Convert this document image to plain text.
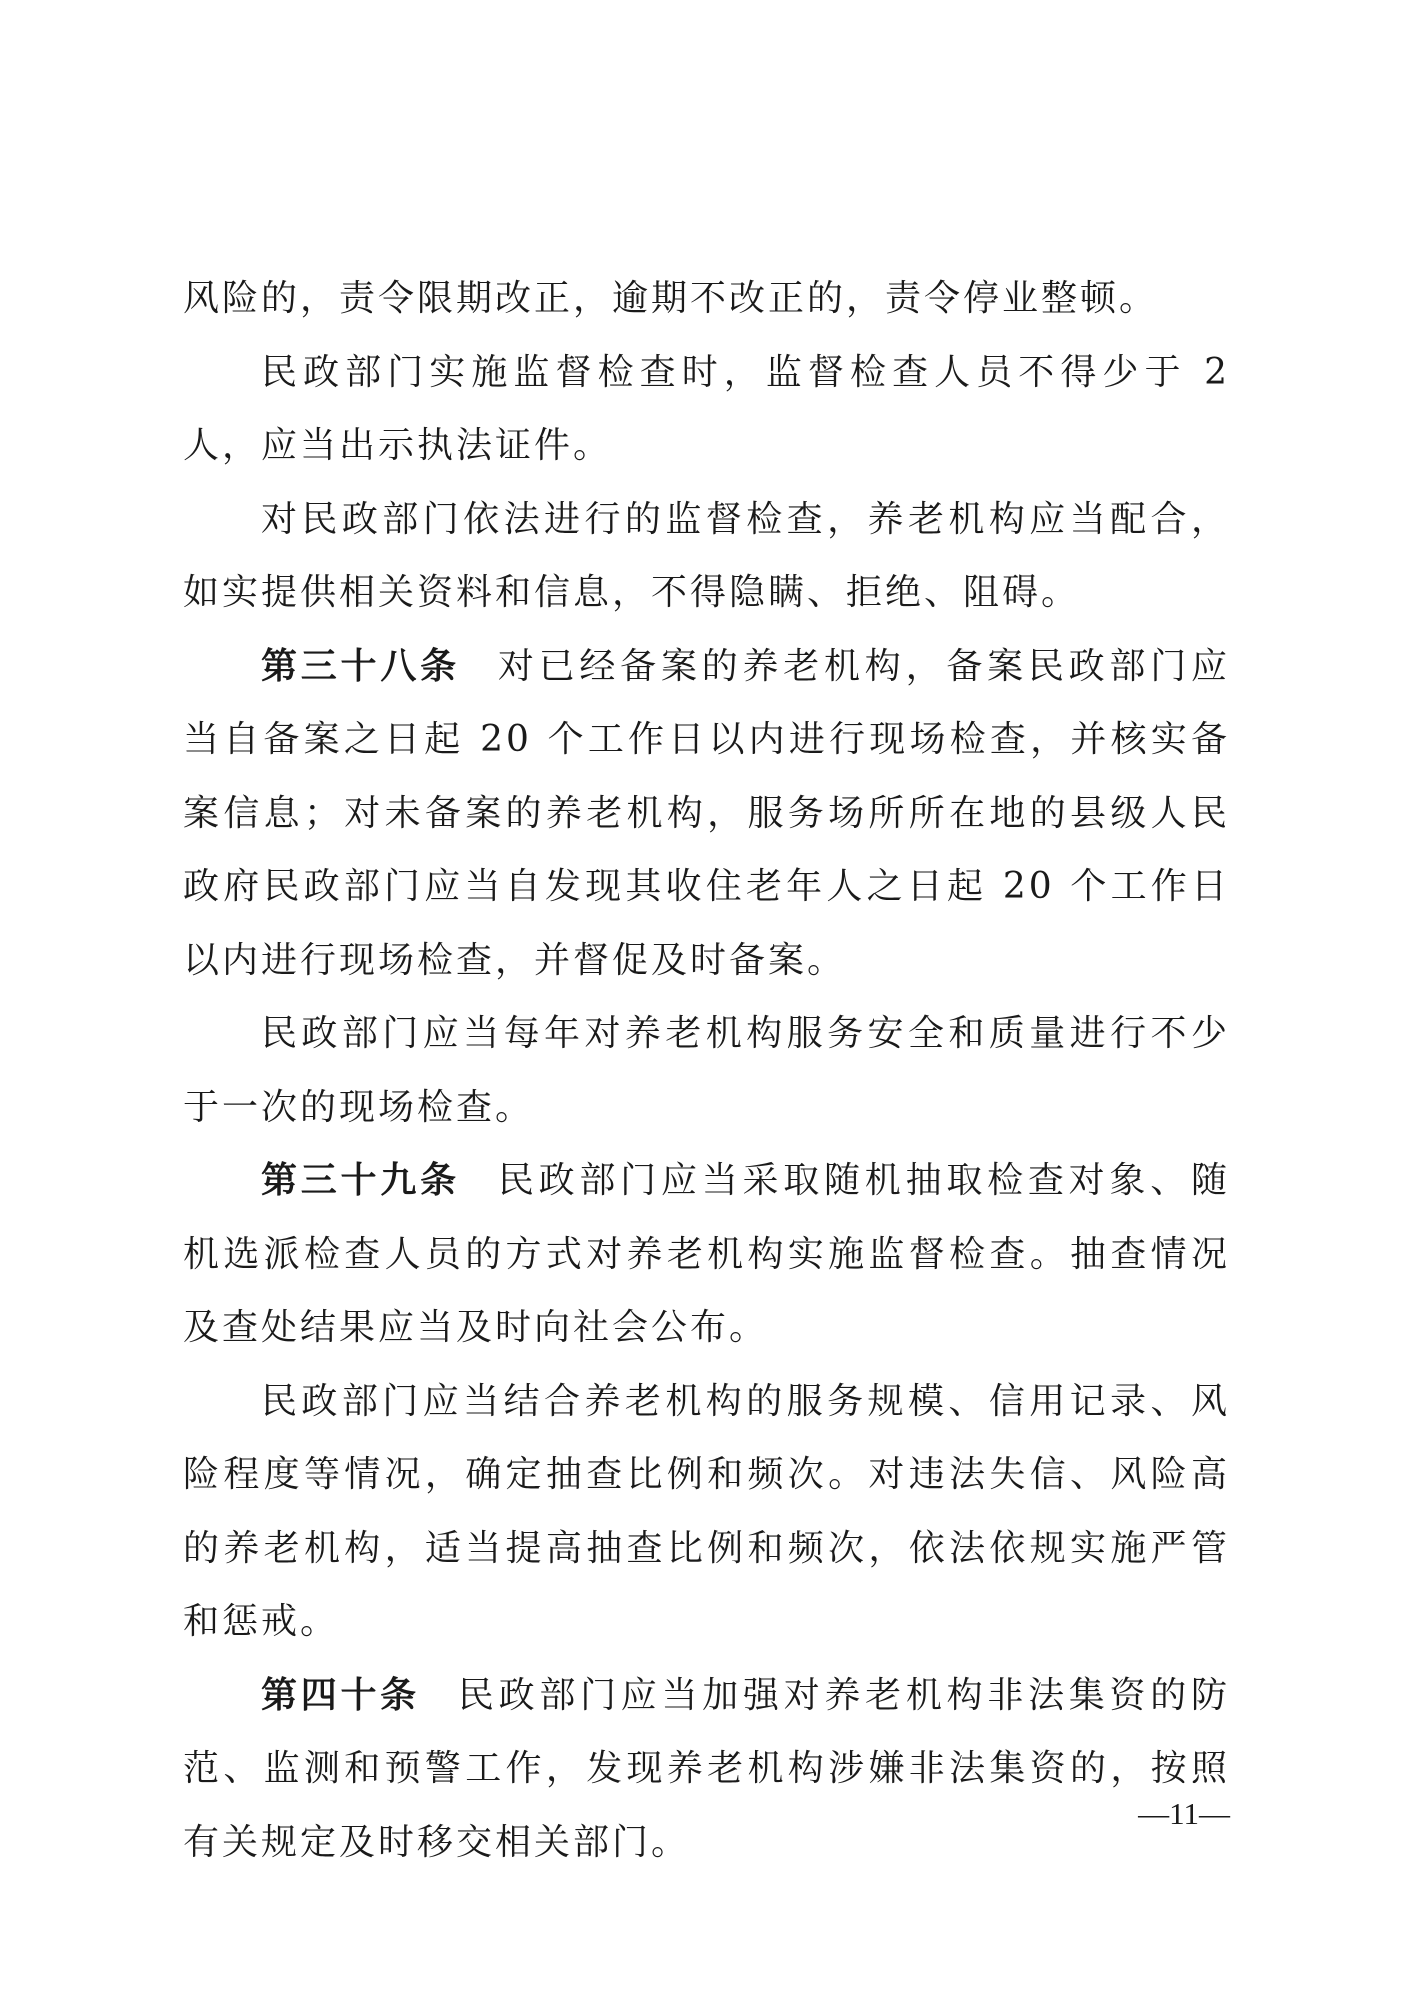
风险的，责令限期改正，逾期不改正的，责令停业整顿。

民政部门实施监督检查时，监督检查人员不得少于 2 人，应当出示执法证件。

对民政部门依法进行的监督检查，养老机构应当配合，如实提供相关资料和信息，不得隐瞒、拒绝、阻碍。

第三十八条 对已经备案的养老机构，备案民政部门应当自备案之日起 20 个工作日以内进行现场检查，并核实备案信息；对未备案的养老机构，服务场所所在地的县级人民政府民政部门应当自发现其收住老年人之日起 20 个工作日以内进行现场检查，并督促及时备案。

民政部门应当每年对养老机构服务安全和质量进行不少于一次的现场检查。

第三十九条 民政部门应当采取随机抽取检查对象、随机选派检查人员的方式对养老机构实施监督检查。抽查情况及查处结果应当及时向社会公布。

民政部门应当结合养老机构的服务规模、信用记录、风险程度等情况，确定抽查比例和频次。对违法失信、风险高的养老机构，适当提高抽查比例和频次，依法依规实施严管和惩戒。

第四十条 民政部门应当加强对养老机构非法集资的防范、监测和预警工作，发现养老机构涉嫌非法集资的，按照有关规定及时移交相关部门。

—11—
